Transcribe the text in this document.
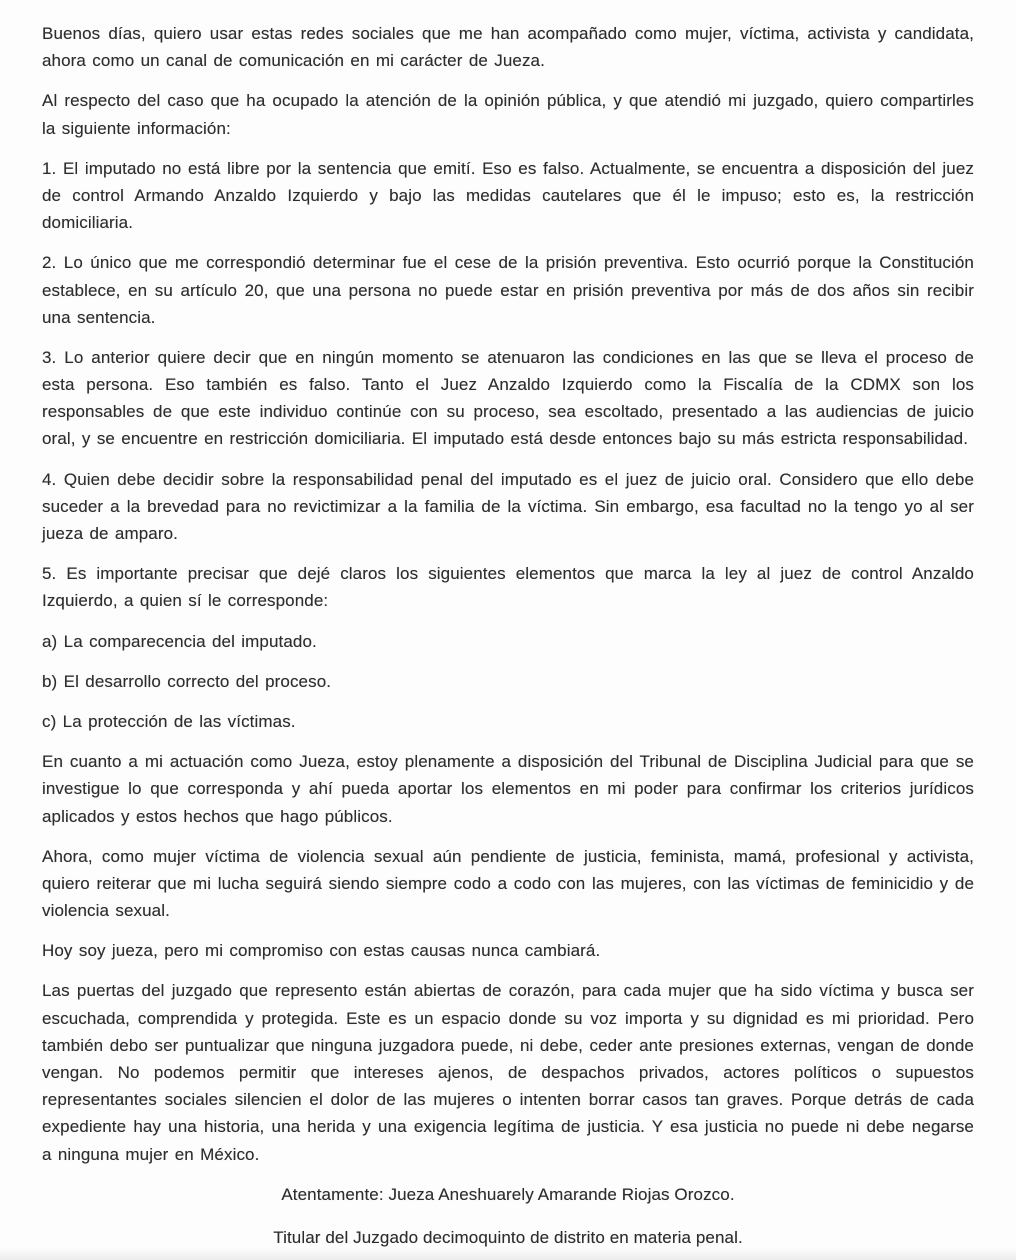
Buenos días, quiero usar estas redes sociales que me han acompañado como mujer, víctima, activista y candidata, ahora como un canal de comunicación en mi carácter de Jueza.

Al respecto del caso que ha ocupado la atención de la opinión pública, y que atendió mi juzgado, quiero compartirles la siguiente información:

1. El imputado no está libre por la sentencia que emití. Eso es falso. Actualmente, se encuentra a disposición del juez de control Armando Anzaldo Izquierdo y bajo las medidas cautelares que él le impuso; esto es, la restricción domiciliaria.

2. Lo único que me correspondió determinar fue el cese de la prisión preventiva. Esto ocurrió porque la Constitución establece, en su artículo 20, que una persona no puede estar en prisión preventiva por más de dos años sin recibir una sentencia.

3. Lo anterior quiere decir que en ningún momento se atenuaron las condiciones en las que se lleva el proceso de esta persona. Eso también es falso. Tanto el Juez Anzaldo Izquierdo como la Fiscalía de la CDMX son los responsables de que este individuo continúe con su proceso, sea escoltado, presentado a las audiencias de juicio oral, y se encuentre en restricción domiciliaria. El imputado está desde entonces bajo su más estricta responsabilidad.

4. Quien debe decidir sobre la responsabilidad penal del imputado es el juez de juicio oral. Considero que ello debe suceder a la brevedad para no revictimizar a la familia de la víctima. Sin embargo, esa facultad no la tengo yo al ser jueza de amparo.

5. Es importante precisar que dejé claros los siguientes elementos que marca la ley al juez de control Anzaldo Izquierdo, a quien sí le corresponde:

a) La comparecencia del imputado.

b) El desarrollo correcto del proceso.

c) La protección de las víctimas.

En cuanto a mi actuación como Jueza, estoy plenamente a disposición del Tribunal de Disciplina Judicial para que se investigue lo que corresponda y ahí pueda aportar los elementos en mi poder para confirmar los criterios jurídicos aplicados y estos hechos que hago públicos.

Ahora, como mujer víctima de violencia sexual aún pendiente de justicia, feminista, mamá, profesional y activista, quiero reiterar que mi lucha seguirá siendo siempre codo a codo con las mujeres, con las víctimas de feminicidio y de violencia sexual.

Hoy soy jueza, pero mi compromiso con estas causas nunca cambiará.

Las puertas del juzgado que represento están abiertas de corazón, para cada mujer que ha sido víctima y busca ser escuchada, comprendida y protegida. Este es un espacio donde su voz importa y su dignidad es mi prioridad. Pero también debo ser puntualizar que ninguna juzgadora puede, ni debe, ceder ante presiones externas, vengan de donde vengan. No podemos permitir que intereses ajenos, de despachos privados, actores políticos o supuestos representantes sociales silencien el dolor de las mujeres o intenten borrar casos tan graves. Porque detrás de cada expediente hay una historia, una herida y una exigencia legítima de justicia. Y esa justicia no puede ni debe negarse a ninguna mujer en México.

Atentamente: Jueza Aneshuarely Amarande Riojas Orozco.

Titular del Juzgado decimoquinto de distrito en materia penal.
